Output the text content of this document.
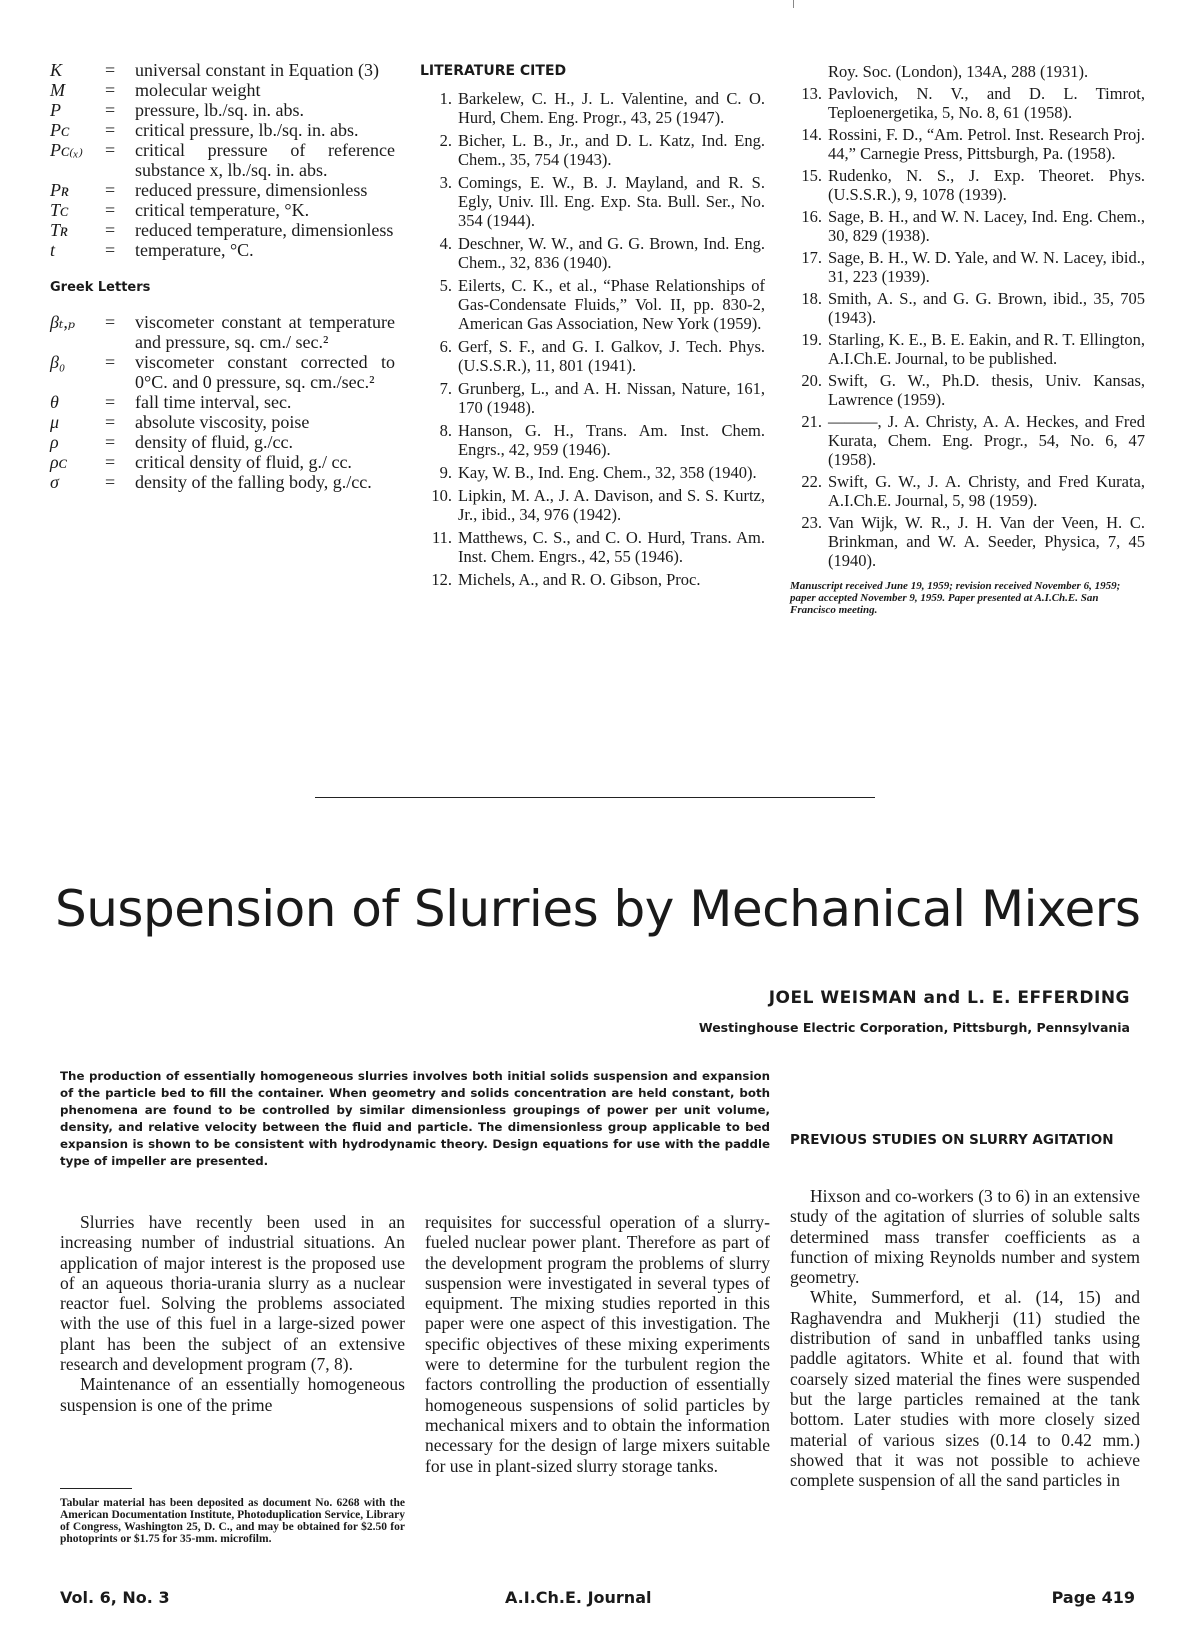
K	=	universal constant in Equation (3)
M	=	molecular weight
P	=	pressure, lb./sq. in. abs.
Pᴄ	=	critical pressure, lb./sq. in. abs.
Pᴄ₍ₓ₎	=	critical pressure of reference substance x, lb./sq. in. abs.
Pʀ	=	reduced pressure, dimensionless
Tᴄ	=	critical temperature, °K.
Tʀ	=	reduced temperature, dimensionless
t	=	temperature, °C.
Greek Letters
βₜ,ₚ	=	viscometer constant at temperature and pressure, sq. cm./ sec.²
β₀	=	viscometer constant corrected to 0°C. and 0 pressure, sq. cm./sec.²
θ	=	fall time interval, sec.
μ	=	absolute viscosity, poise
ρ	=	density of fluid, g./cc.
ρᴄ	=	critical density of fluid, g./ cc.
σ	=	density of the falling body, g./cc.
LITERATURE CITED
1. Barkelew, C. H., J. L. Valentine, and C. O. Hurd, Chem. Eng. Progr., 43, 25 (1947).
2. Bicher, L. B., Jr., and D. L. Katz, Ind. Eng. Chem., 35, 754 (1943).
3. Comings, E. W., B. J. Mayland, and R. S. Egly, Univ. Ill. Eng. Exp. Sta. Bull. Ser., No. 354 (1944).
4. Deschner, W. W., and G. G. Brown, Ind. Eng. Chem., 32, 836 (1940).
5. Eilerts, C. K., et al., “Phase Relationships of Gas-Condensate Fluids,” Vol. II, pp. 830-2, American Gas Association, New York (1959).
6. Gerf, S. F., and G. I. Galkov, J. Tech. Phys. (U.S.S.R.), 11, 801 (1941).
7. Grunberg, L., and A. H. Nissan, Nature, 161, 170 (1948).
8. Hanson, G. H., Trans. Am. Inst. Chem. Engrs., 42, 959 (1946).
9. Kay, W. B., Ind. Eng. Chem., 32, 358 (1940).
10. Lipkin, M. A., J. A. Davison, and S. S. Kurtz, Jr., ibid., 34, 976 (1942).
11. Matthews, C. S., and C. O. Hurd, Trans. Am. Inst. Chem. Engrs., 42, 55 (1946).
12. Michels, A., and R. O. Gibson, Proc.
Roy. Soc. (London), 134A, 288 (1931).
13. Pavlovich, N. V., and D. L. Timrot, Teploenergetika, 5, No. 8, 61 (1958).
14. Rossini, F. D., “Am. Petrol. Inst. Research Proj. 44,” Carnegie Press, Pittsburgh, Pa. (1958).
15. Rudenko, N. S., J. Exp. Theoret. Phys. (U.S.S.R.), 9, 1078 (1939).
16. Sage, B. H., and W. N. Lacey, Ind. Eng. Chem., 30, 829 (1938).
17. Sage, B. H., W. D. Yale, and W. N. Lacey, ibid., 31, 223 (1939).
18. Smith, A. S., and G. G. Brown, ibid., 35, 705 (1943).
19. Starling, K. E., B. E. Eakin, and R. T. Ellington, A.I.Ch.E. Journal, to be published.
20. Swift, G. W., Ph.D. thesis, Univ. Kansas, Lawrence (1959).
21. ———, J. A. Christy, A. A. Heckes, and Fred Kurata, Chem. Eng. Progr., 54, No. 6, 47 (1958).
22. Swift, G. W., J. A. Christy, and Fred Kurata, A.I.Ch.E. Journal, 5, 98 (1959).
23. Van Wijk, W. R., J. H. Van der Veen, H. C. Brinkman, and W. A. Seeder, Physica, 7, 45 (1940).
Manuscript received June 19, 1959; revision received November 6, 1959; paper accepted November 9, 1959. Paper presented at A.I.Ch.E. San Francisco meeting.
Suspension of Slurries by Mechanical Mixers
JOEL WEISMAN and L. E. EFFERDING
Westinghouse Electric Corporation, Pittsburgh, Pennsylvania
The production of essentially homogeneous slurries involves both initial solids suspension and expansion of the particle bed to fill the container. When geometry and solids concentration are held constant, both phenomena are found to be controlled by similar dimensionless groupings of power per unit volume, density, and relative velocity between the fluid and particle. The dimensionless group applicable to bed expansion is shown to be consistent with hydrodynamic theory. Design equations for use with the paddle type of impeller are presented.

Slurries have recently been used in an increasing number of industrial situations. An application of major interest is the proposed use of an aqueous thoria-urania slurry as a nuclear reactor fuel. Solving the problems associated with the use of this fuel in a large-sized power plant has been the subject of an extensive research and development program (7, 8).

Maintenance of an essentially homogeneous suspension is one of the prime

requisites for successful operation of a slurry-fueled nuclear power plant. Therefore as part of the development program the problems of slurry suspension were investigated in several types of equipment. The mixing studies reported in this paper were one aspect of this investigation. The specific objectives of these mixing experiments were to determine for the turbulent region the factors controlling the production of essentially homogeneous suspensions of solid particles by mechanical mixers and to obtain the information necessary for the design of large mixers suitable for use in plant-sized slurry storage tanks.

PREVIOUS STUDIES ON SLURRY AGITATION

Hixson and co-workers (3 to 6) in an extensive study of the agitation of slurries of soluble salts determined mass transfer coefficients as a function of mixing Reynolds number and system geometry.

White, Summerford, et al. (14, 15) and Raghavendra and Mukherji (11) studied the distribution of sand in unbaffled tanks using paddle agitators. White et al. found that with coarsely sized material the fines were suspended but the large particles remained at the tank bottom. Later studies with more closely sized material of various sizes (0.14 to 0.42 mm.) showed that it was not possible to achieve complete suspension of all the sand particles in

Tabular material has been deposited as document No. 6268 with the American Documentation Institute, Photoduplication Service, Library of Congress, Washington 25, D. C., and may be obtained for $2.50 for photoprints or $1.75 for 35-mm. microfilm.
Vol. 6, No. 3	A.I.Ch.E. Journal	Page 419
